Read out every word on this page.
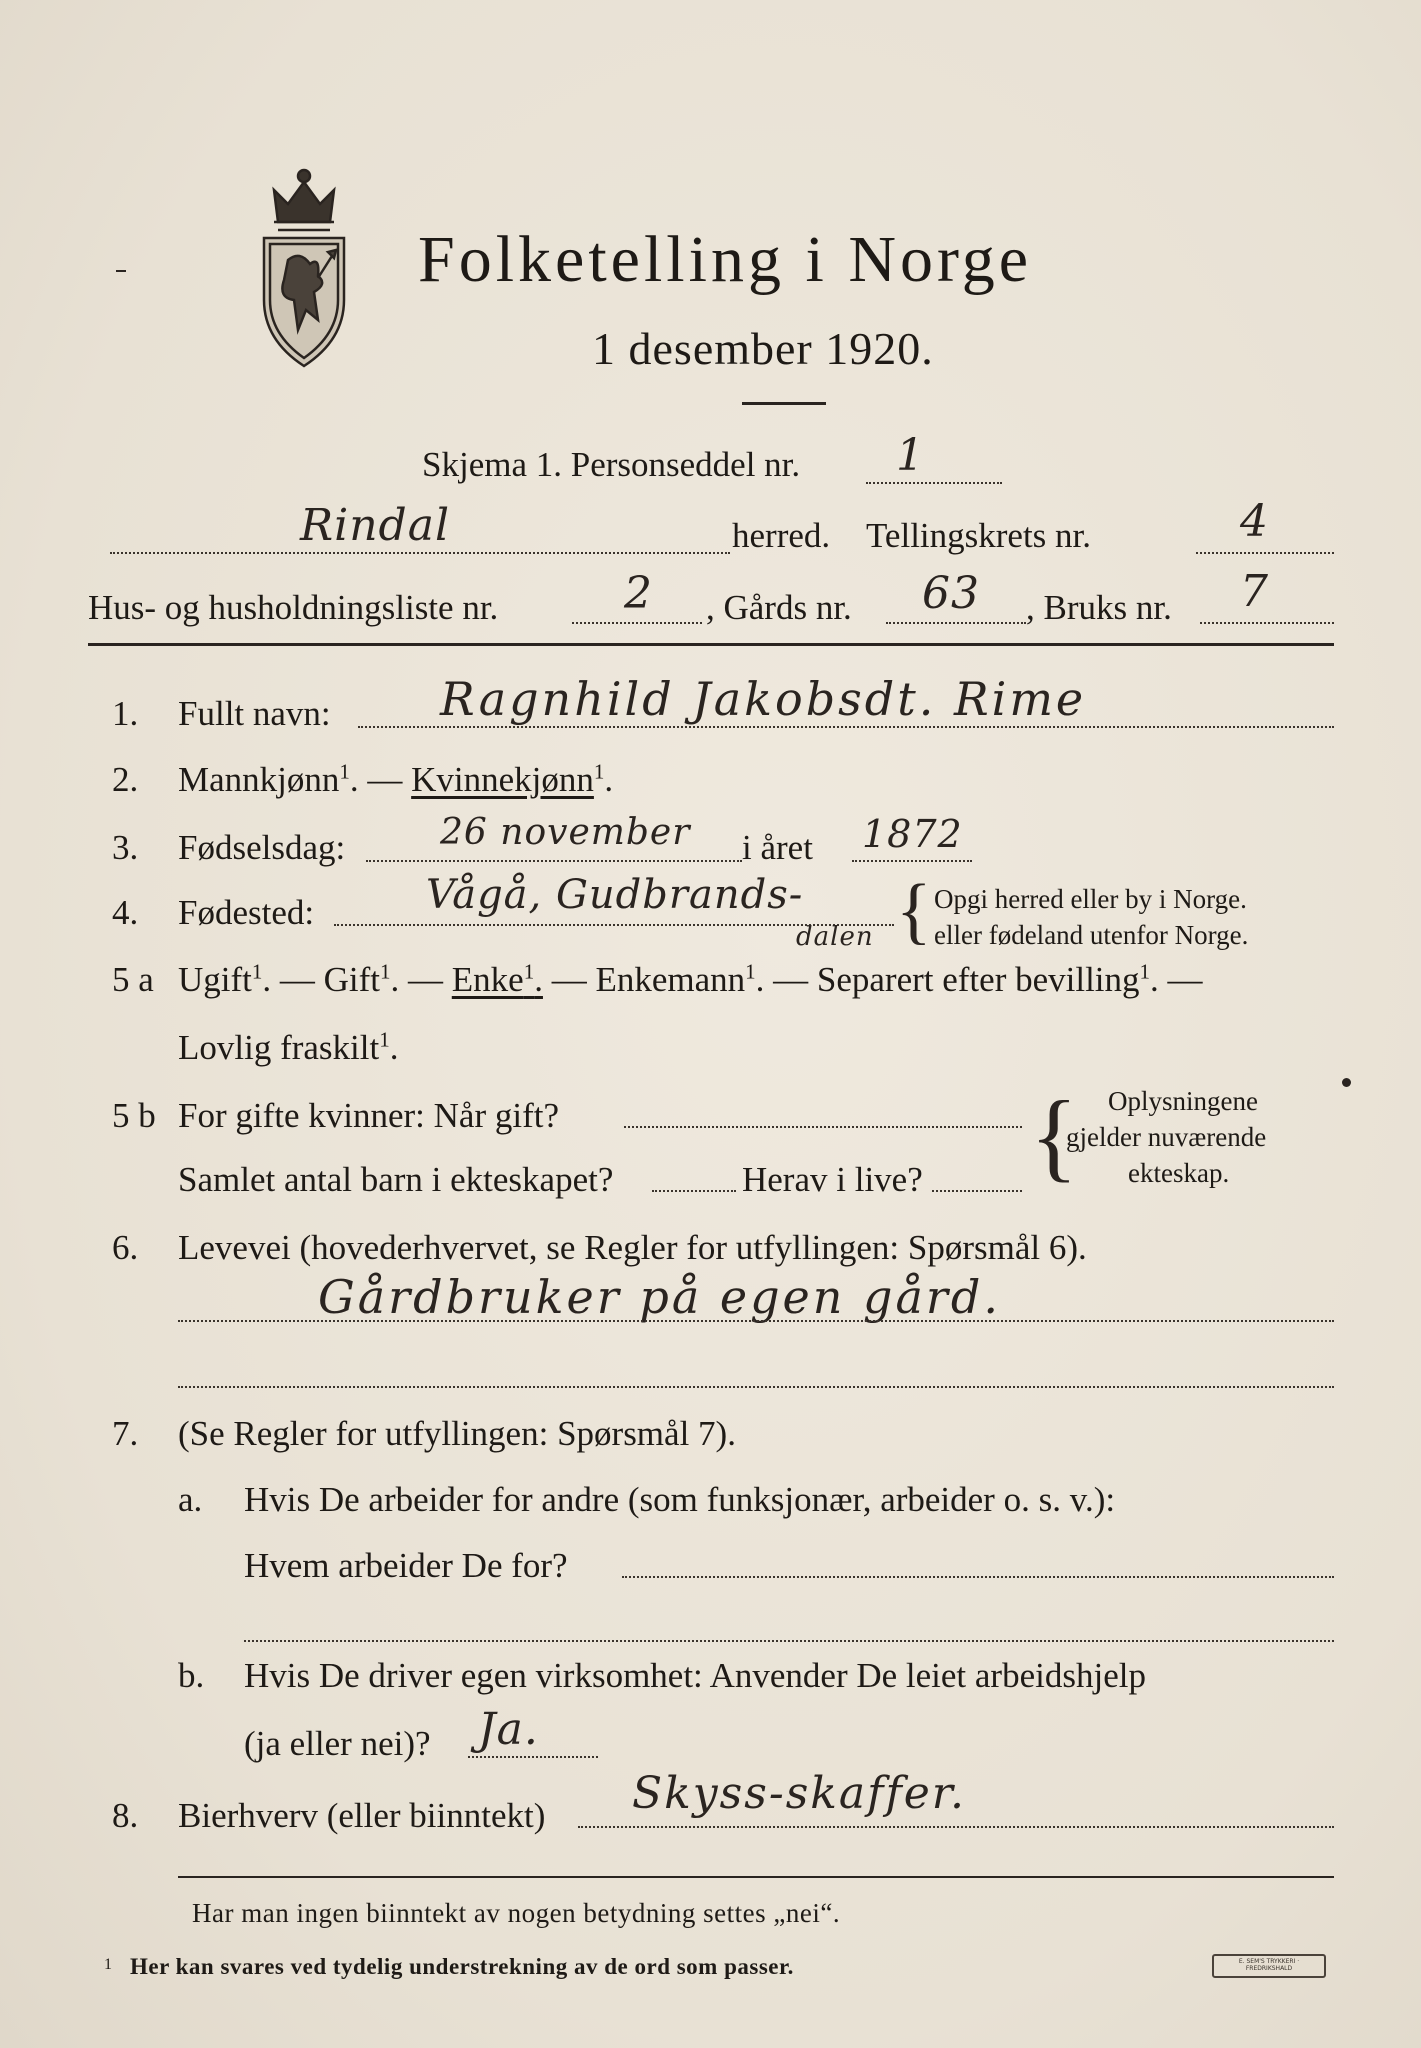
Folketelling i Norge
1 desember 1920.
Skjema 1. Personseddel nr. 1
Rindal	herred. Tellingskrets nr.	4
Hus- og husholdningsliste nr.	2 , Gårds nr. 63 , Bruks nr. 7
1. Fullt navn: Ragnhild Jakobsdt. Rime
2. Mannkjønn$^1$. — Kvinnekjønn$^1$.
3. Fødselsdag:	26 november i året 1872
4. Fødested:	Vågå, Gudbrands-
dalen { Opgi herred eller by i Norge.
eller fødeland utenfor Norge.
5 a Ugift$^1$. — Gift$^1$. — Enke$^1$. — Enkemann$^1$. — Separert efter bevilling$^1$. —
Lovlig fraskilt$^1$.
5 b For gifte kvinner: Når gift?
Samlet antal barn i ekteskapet?	Herav i live? { Oplysningene
gjelder nuværende
ekteskap.
6. Levevei (hovederhvervet, se Regler for utfyllingen: Spørsmål 6).
Gårdbruker på egen gård.
7. (Se Regler for utfyllingen: Spørsmål 7).
a. Hvis De arbeider for andre (som funksjonær, arbeider o. s. v.):
Hvem arbeider De for?
b. Hvis De driver egen virksomhet: Anvender De leiet arbeidshjelp
(ja eller nei)? Ja.
8. Bierhverv (eller biinntekt) Skyss-skaffer.
Har man ingen biinntekt av nogen betydning settes „nei“.
1 Her kan svares ved tydelig understrekning av de ord som passer.	E. SEM'S TRYKKERI · FREDRIKSHALD
